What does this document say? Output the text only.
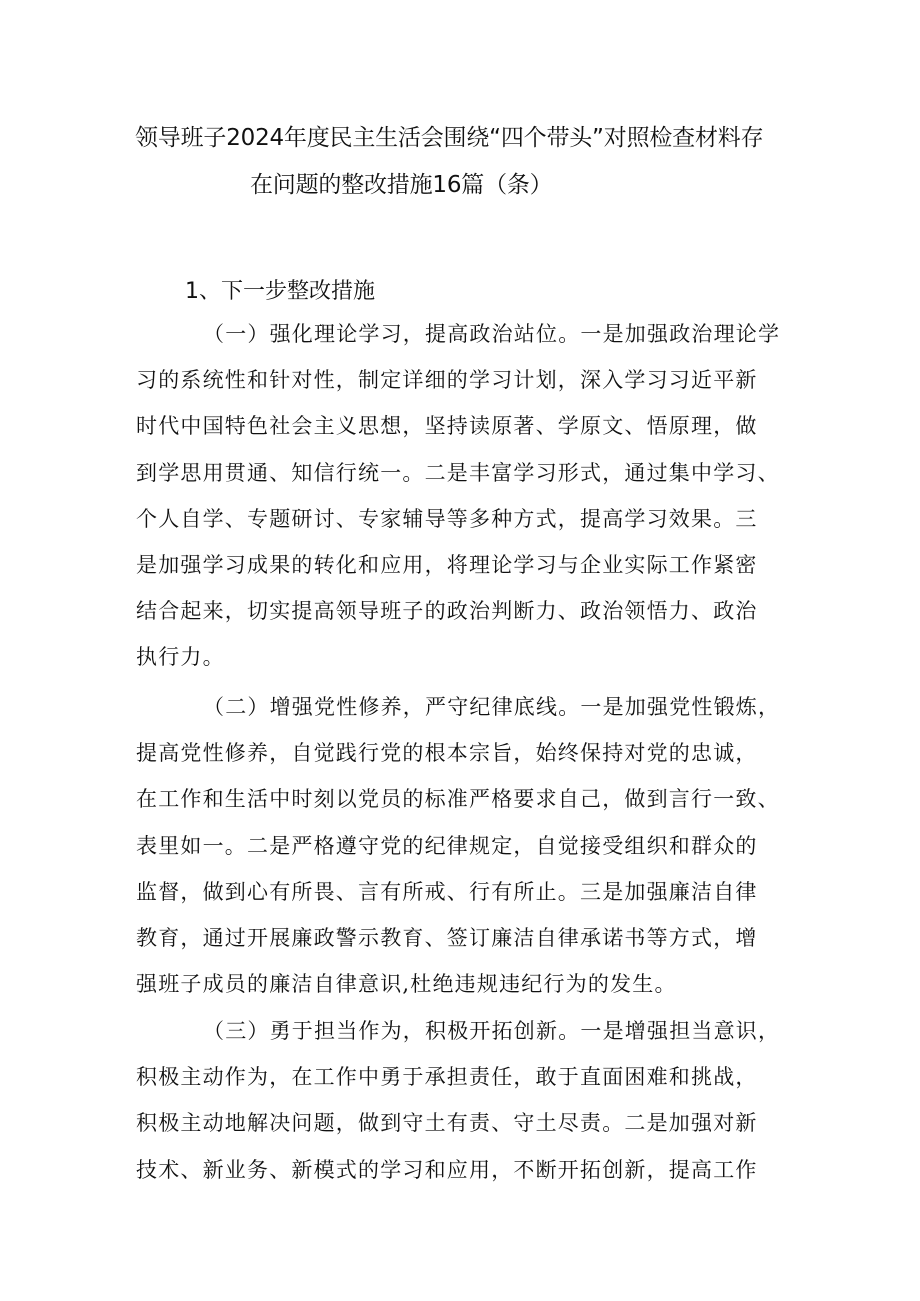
领导班子2024年度民主生活会围绕“四个带头”对照检查材料存
在问题的整改措施16篇（条）
1、下一步整改措施
（一）强化理论学习，提高政治站位。一是加强政治理论学
习的系统性和针对性，制定详细的学习计划，深入学习习近平新
时代中国特色社会主义思想，坚持读原著、学原文、悟原理，做
到学思用贯通、知信行统一。二是丰富学习形式，通过集中学习、
个人自学、专题研讨、专家辅导等多种方式，提高学习效果。三
是加强学习成果的转化和应用，将理论学习与企业实际工作紧密
结合起来，切实提高领导班子的政治判断力、政治领悟力、政治
执行力。
（二）增强党性修养，严守纪律底线。一是加强党性锻炼，
提高党性修养，自觉践行党的根本宗旨，始终保持对党的忠诚，
在工作和生活中时刻以党员的标准严格要求自己，做到言行一致、
表里如一。二是严格遵守党的纪律规定，自觉接受组织和群众的
监督，做到心有所畏、言有所戒、行有所止。三是加强廉洁自律
教育，通过开展廉政警示教育、签订廉洁自律承诺书等方式，增
强班子成员的廉洁自律意识,杜绝违规违纪行为的发生。
（三）勇于担当作为，积极开拓创新。一是增强担当意识，
积极主动作为，在工作中勇于承担责任，敢于直面困难和挑战，
积极主动地解决问题，做到守土有责、守土尽责。二是加强对新
技术、新业务、新模式的学习和应用，不断开拓创新，提高工作
